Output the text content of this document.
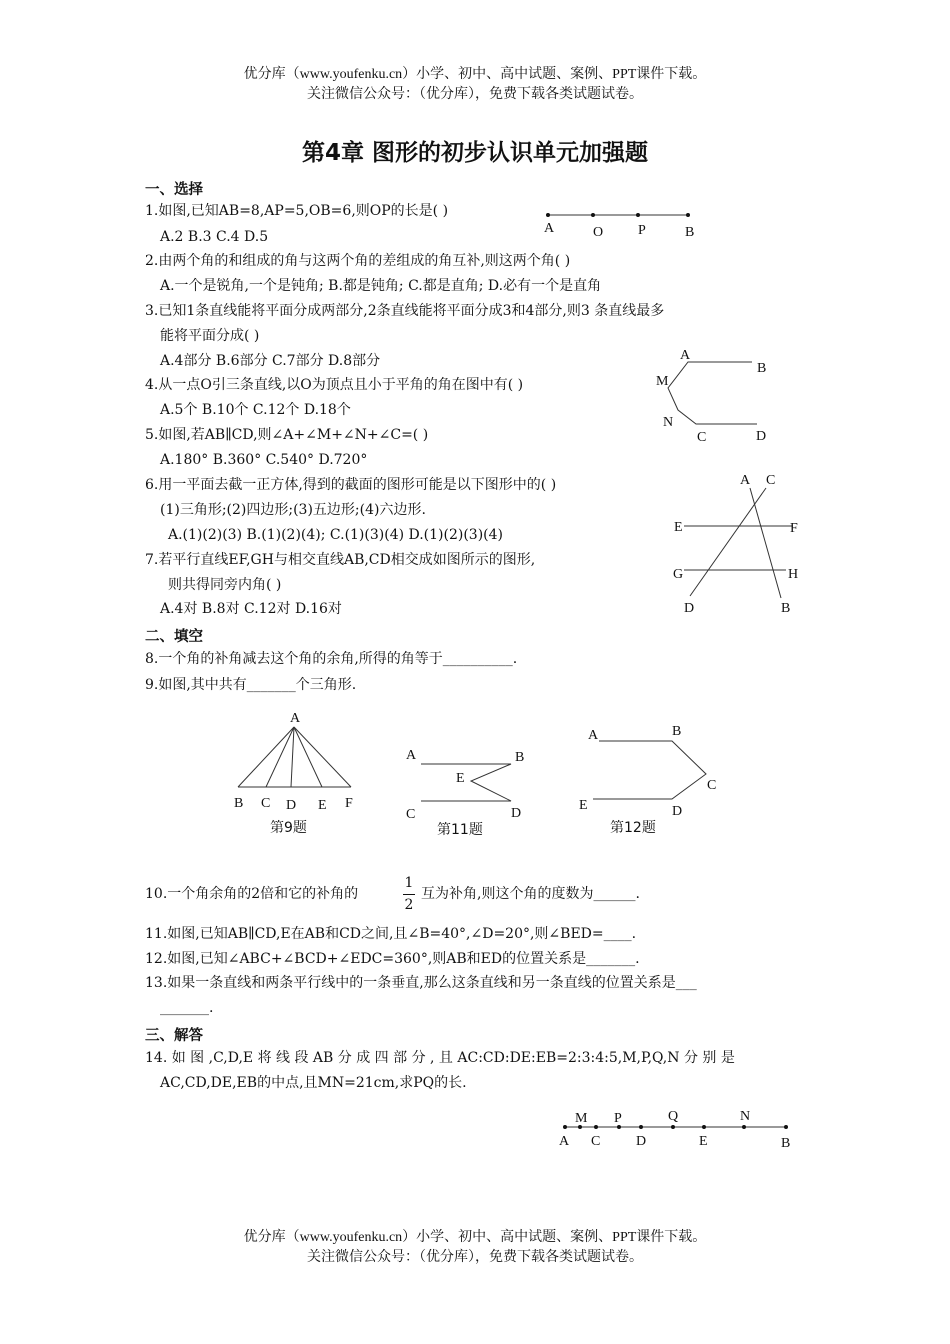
优分库（www.youfenku.cn）小学、初中、高中试题、案例、PPT课件下载。
关注微信公众号：（优分库），免费下载各类试题试卷。
第4章 图形的初步认识单元加强题
一、选择
1.如图,已知AB=8,AP=5,OB=6,则OP的长是( )
A.2 B.3 C.4 D.5
2.由两个角的和组成的角与这两个角的差组成的角互补,则这两个角( )
A.一个是锐角,一个是钝角; B.都是钝角; C.都是直角; D.必有一个是直角
3.已知1条直线能将平面分成两部分,2条直线能将平面分成3和4部分,则3 条直线最多
能将平面分成( )
A.4部分 B.6部分 C.7部分 D.8部分
4.从一点O引三条直线,以O为顶点且小于平角的角在图中有( )
A.5个 B.10个 C.12个 D.18个
5.如图,若AB∥CD,则∠A+∠M+∠N+∠C=( )
A.180° B.360° C.540° D.720°
6.用一平面去截一正方体,得到的截面的图形可能是以下图形中的( )
(1)三角形;(2)四边形;(3)五边形;(4)六边形.
A.(1)(2)(3) B.(1)(2)(4); C.(1)(3)(4) D.(1)(2)(3)(4)
7.若平行直线EF,GH与相交直线AB,CD相交成如图所示的图形,
则共得同旁内角( )
A.4对 B.8对 C.12对 D.16对
二、填空
8.一个角的补角减去这个角的余角,所得的角等于__________.
9.如图,其中共有_______个三角形.
第9题	第11题	第12题
10.一个角余角的2倍和它的补角的
1
2
互为补角,则这个角的度数为______.
11.如图,已知AB∥CD,E在AB和CD之间,且∠B=40°,∠D=20°,则∠BED=____.
12.如图,已知∠ABC+∠BCD+∠EDC=360°,则AB和ED的位置关系是_______.
13.如果一条直线和两条平行线中的一条垂直,那么这条直线和另一条直线的位置关系是___
_______.
三、解答
14. 如 图 ,C,D,E 将 线 段 AB 分 成 四 部 分 , 且 AC:CD:DE:EB=2:3:4:5,M,P,Q,N 分 别 是
AC,CD,DE,EB的中点,且MN=21cm,求PQ的长.
优分库（www.youfenku.cn）小学、初中、高中试题、案例、PPT课件下载。
关注微信公众号：（优分库），免费下载各类试题试卷。
A	O P	B
A
B
M
N
C	D
A C
E	F
G	H
D	B
A
B C D E F
A	B
E
C	D
A	B
C
E	D
M P	Q	N
A C	D	E	B
